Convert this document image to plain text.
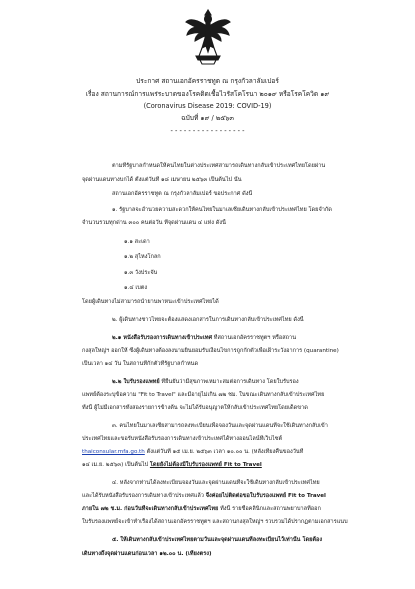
ประกาศ สถานเอกอัครราชทูต ณ กรุงกัวลาลัมเปอร์
เรื่อง สถานการณ์การแพร่ระบาดของโรคติดเชื้อไวรัสโคโรนา ๒๐๑๙ หรือโรคโควิด ๑๙
(Coronavirus Disease 2019: COVID-19)
ฉบับที่ ๑๙ / ๒๕๖๓
- - - - - - - - - - - - - - - - -
ตามที่รัฐบาลกำหนดให้คนไทยในต่างประเทศสามารถเดินทางกลับเข้าประเทศไทยโดยผ่าน
จุดผ่านแดนทางบกได้ ตั้งแต่วันที่ ๑๘ เมษายน ๒๕๖๓ เป็นต้นไป นั้น
สถานเอกอัครราชทูต ณ กรุงกัวลาลัมเปอร์ ขอประกาศ ดังนี้
๑. รัฐบาลจะอำนวยความสะดวกให้คนไทยในมาเลเซียเดินทางกลับเข้าประเทศไทย โดยจำกัด
จำนวนรวมทุกด่าน ๓๐๐ คนต่อวัน ที่จุดผ่านแดน ๔ แห่ง ดังนี้
๑.๑ สะเดา
๑.๒ สุไหงโกลก
๑.๓ วังประจัน
๑.๔ เบตง
โดยผู้เดินทางไม่สามารถนำยานพาหนะเข้าประเทศไทยได้
๒. ผู้เดินทางชาวไทยจะต้องแสดงเอกสารในการเดินทางกลับเข้าประเทศไทย ดังนี้
๒.๑ หนังสือรับรองการเดินทางเข้าประเทศ ที่สถานเอกอัครราชทูตฯ หรือสถาน
กงสุลใหญ่ฯ ออกให้ ซึ่งผู้เดินทางต้องลงนามยินยอมรับเงื่อนไขการถูกกักตัวเพื่อเฝ้าระวังอาการ (quarantine)
เป็นเวลา ๑๔ วัน ในสถานที่กักตัวที่รัฐบาลกำหนด
๒.๒ ใบรับรองแพทย์ ที่ยืนยันว่ามีสุขภาพเหมาะสมต่อการเดินทาง โดยใบรับรอง
แพทย์ต้องระบุข้อความ "Fit to Travel" และมีอายุไม่เกิน ๗๒ ชม. ในขณะเดินทางกลับเข้าประเทศไทย
ทั้งนี้ ผู้ไม่มีเอกสารทั้งสองรายการข้างต้น จะไม่ได้รับอนุญาตให้กลับเข้าประเทศไทยโดยเด็ดขาด
๓. คนไทยในมาเลเซียสามารถลงทะเบียนเพื่อจองวันและจุดผ่านแดนที่จะใช้เดินทางกลับเข้า
ประเทศไทยและขอรับหนังสือรับรองการเดินทางเข้าประเทศได้ทางออนไลน์ที่เว็บไซต์
thaiconsular.mfa.go.th ตั้งแต่วันที่ ๑๕ เม.ย. ๒๕๖๓ เวลา ๑๐.๐๐ น. (หลังเที่ยงคืนของวันที่
๑๔ เม.ย. ๒๕๖๓) เป็นต้นไป โดยยังไม่ต้องมีใบรับรองแพทย์ Fit to Travel
๔. หลังจากท่านได้ลงทะเบียนจองวันและจุดผ่านแดนที่จะใช้เดินทางกลับเข้าประเทศไทย
และได้รับหนังสือรับรองการเดินทางเข้าประเทศแล้ว จึงค่อยไปติดต่อขอใบรับรองแพทย์ Fit to Travel
ภายใน ๗๒ ช.ม. ก่อนวันที่จะเดินทางกลับเข้าประเทศไทย ทั้งนี้ รายชื่อคลินิกและสถานพยาบาลที่ออก
ใบรับรองแพทย์จะเข้าทำเรื่องได้สถานเอกอัครราชทูตฯ และสถานกงสุลใหญ่ฯ รวบรวมได้ปรากฏตามเอกสารแนบ
๕. ให้เดินทางกลับเข้าประเทศไทยตามวันและจุดผ่านแดนที่ลงทะเบียนไว้เท่านั้น โดยต้อง
เดินทางถึงจุดผ่านแดนก่อนเวลา ๑๒.๐๐ น. (เที่ยงตรง)
